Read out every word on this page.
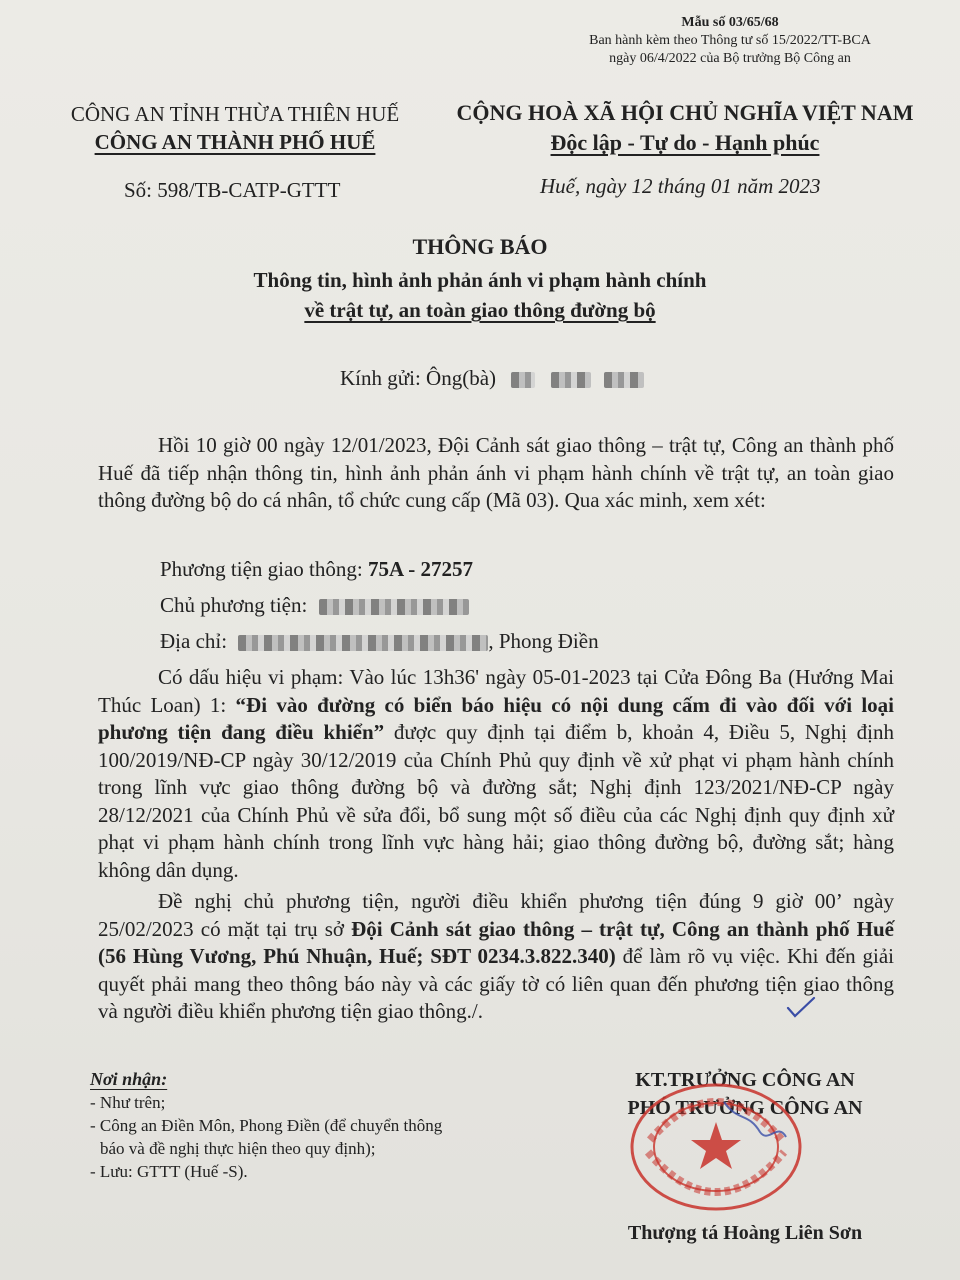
Mẫu số 03/65/68
Ban hành kèm theo Thông tư số 15/2022/TT-BCA
ngày 06/4/2022 của Bộ trưởng Bộ Công an
CÔNG AN TỈNH THỪA THIÊN HUẾ
CÔNG AN THÀNH PHỐ HUẾ
CỘNG HOÀ XÃ HỘI CHỦ NGHĨA VIỆT NAM
Độc lập - Tự do - Hạnh phúc
Số: 598/TB-CATP-GTTT	Huế, ngày 12 tháng 01 năm 2023
THÔNG BÁO
Thông tin, hình ảnh phản ánh vi phạm hành chính
về trật tự, an toàn giao thông đường bộ
Kính gửi: Ông(bà)
Hồi 10 giờ 00 ngày 12/01/2023, Đội Cảnh sát giao thông – trật tự, Công an thành phố Huế đã tiếp nhận thông tin, hình ảnh phản ánh vi phạm hành chính về trật tự, an toàn giao thông đường bộ do cá nhân, tổ chức cung cấp (Mã 03). Qua xác minh, xem xét:
Phương tiện giao thông: 75A - 27257
Chủ phương tiện:
Địa chỉ:	, Phong Điền
Có dấu hiệu vi phạm: Vào lúc 13h36' ngày 05-01-2023 tại Cửa Đông Ba (Hướng Mai Thúc Loan) 1: “Đi vào đường có biển báo hiệu có nội dung cấm đi vào đối với loại phương tiện đang điều khiển” được quy định tại điểm b, khoản 4, Điều 5, Nghị định 100/2019/NĐ-CP ngày 30/12/2019 của Chính Phủ quy định về xử phạt vi phạm hành chính trong lĩnh vực giao thông đường bộ và đường sắt; Nghị định 123/2021/NĐ-CP ngày 28/12/2021 của Chính Phủ về sửa đổi, bổ sung một số điều của các Nghị định quy định xử phạt vi phạm hành chính trong lĩnh vực hàng hải; giao thông đường bộ, đường sắt; hàng không dân dụng.
Đề nghị chủ phương tiện, người điều khiển phương tiện đúng 9 giờ 00’ ngày 25/02/2023 có mặt tại trụ sở Đội Cảnh sát giao thông – trật tự, Công an thành phố Huế (56 Hùng Vương, Phú Nhuận, Huế; SĐT 0234.3.822.340) để làm rõ vụ việc. Khi đến giải quyết phải mang theo thông báo này và các giấy tờ có liên quan đến phương tiện giao thông và người điều khiển phương tiện giao thông./.
Nơi nhận:
- Như trên;
- Công an Điền Môn, Phong Điền (để chuyển thông
báo và đề nghị thực hiện theo quy định);
- Lưu: GTTT (Huế -S).
KT.TRƯỞNG CÔNG AN
PHÓ TRƯỞNG CÔNG AN
Thượng tá Hoàng Liên Sơn
